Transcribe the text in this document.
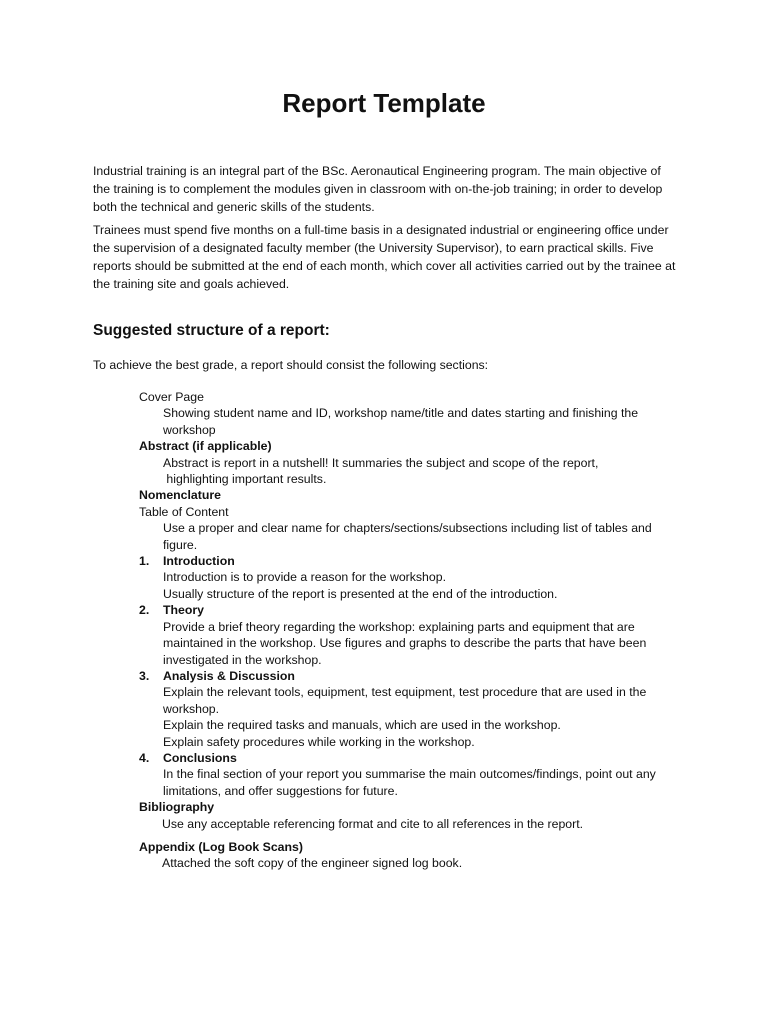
Report Template

Industrial training is an integral part of the BSc. Aeronautical Engineering program. The main objective of the training is to complement the modules given in classroom with on-the-job training; in order to develop both the technical and generic skills of the students.

Trainees must spend five months on a full-time basis in a designated industrial or engineering office under the supervision of a designated faculty member (the University Supervisor), to earn practical skills. Five reports should be submitted at the end of each month, which cover all activities carried out by the trainee at the training site and goals achieved.

Suggested structure of a report:

To achieve the best grade, a report should consist the following sections:

Cover Page
Showing student name and ID, workshop name/title and dates starting and finishing the workshop
Abstract (if applicable)
Abstract is report in a nutshell! It summaries the subject and scope of the report,
highlighting important results.
Nomenclature
Table of Content
Use a proper and clear name for chapters/sections/subsections including list of tables and figure.
1.	Introduction
Introduction is to provide a reason for the workshop.
Usually structure of the report is presented at the end of the introduction.
2.	Theory
Provide a brief theory regarding the workshop: explaining parts and equipment that are maintained in the workshop. Use figures and graphs to describe the parts that have been investigated in the workshop.
3.	Analysis & Discussion
Explain the relevant tools, equipment, test equipment, test procedure that are used in the workshop.
Explain the required tasks and manuals, which are used in the workshop.
Explain safety procedures while working in the workshop.
4.	Conclusions
In the final section of your report you summarise the main outcomes/findings, point out any limitations, and offer suggestions for future.
Bibliography
Use any acceptable referencing format and cite to all references in the report.
Appendix (Log Book Scans)
Attached the soft copy of the engineer signed log book.
